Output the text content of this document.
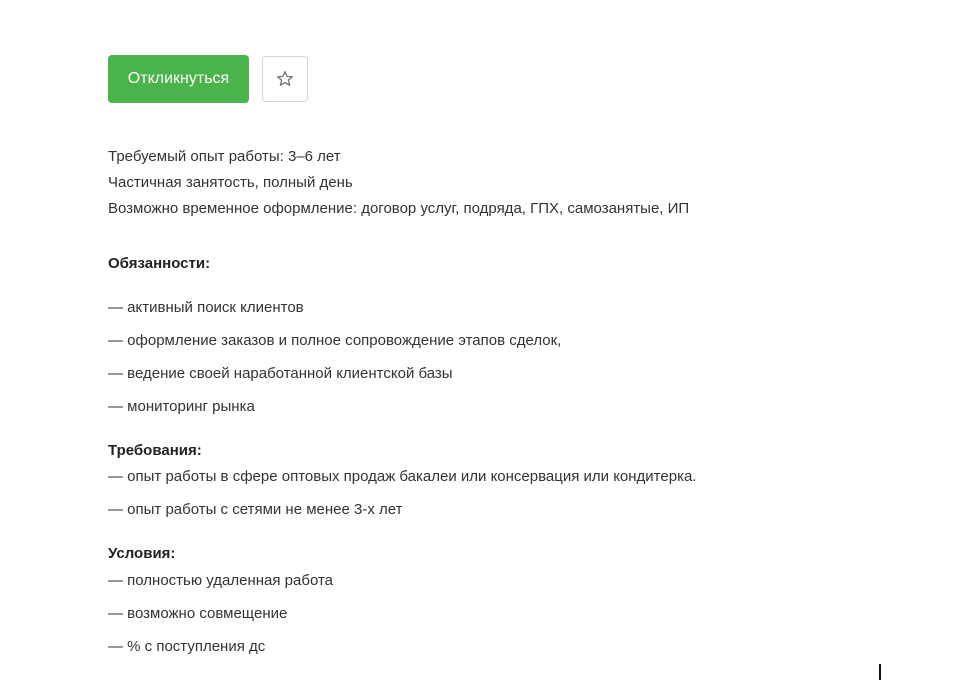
Откликнуться
Требуемый опыт работы: 3–6 лет
Частичная занятость, полный день
Возможно временное оформление: договор услуг, подряда, ГПХ, самозанятые, ИП
Обязанности:
— активный поиск клиентов
— оформление заказов и полное сопровождение этапов сделок,
— ведение своей наработанной клиентской базы
— мониторинг рынка
Требования:
— опыт работы в сфере оптовых продаж бакалеи или консервация или кондитерка.
— опыт работы с сетями не менее 3-х лет
Условия:
— полностью удаленная работа
— возможно совмещение
— % с поступления дс
